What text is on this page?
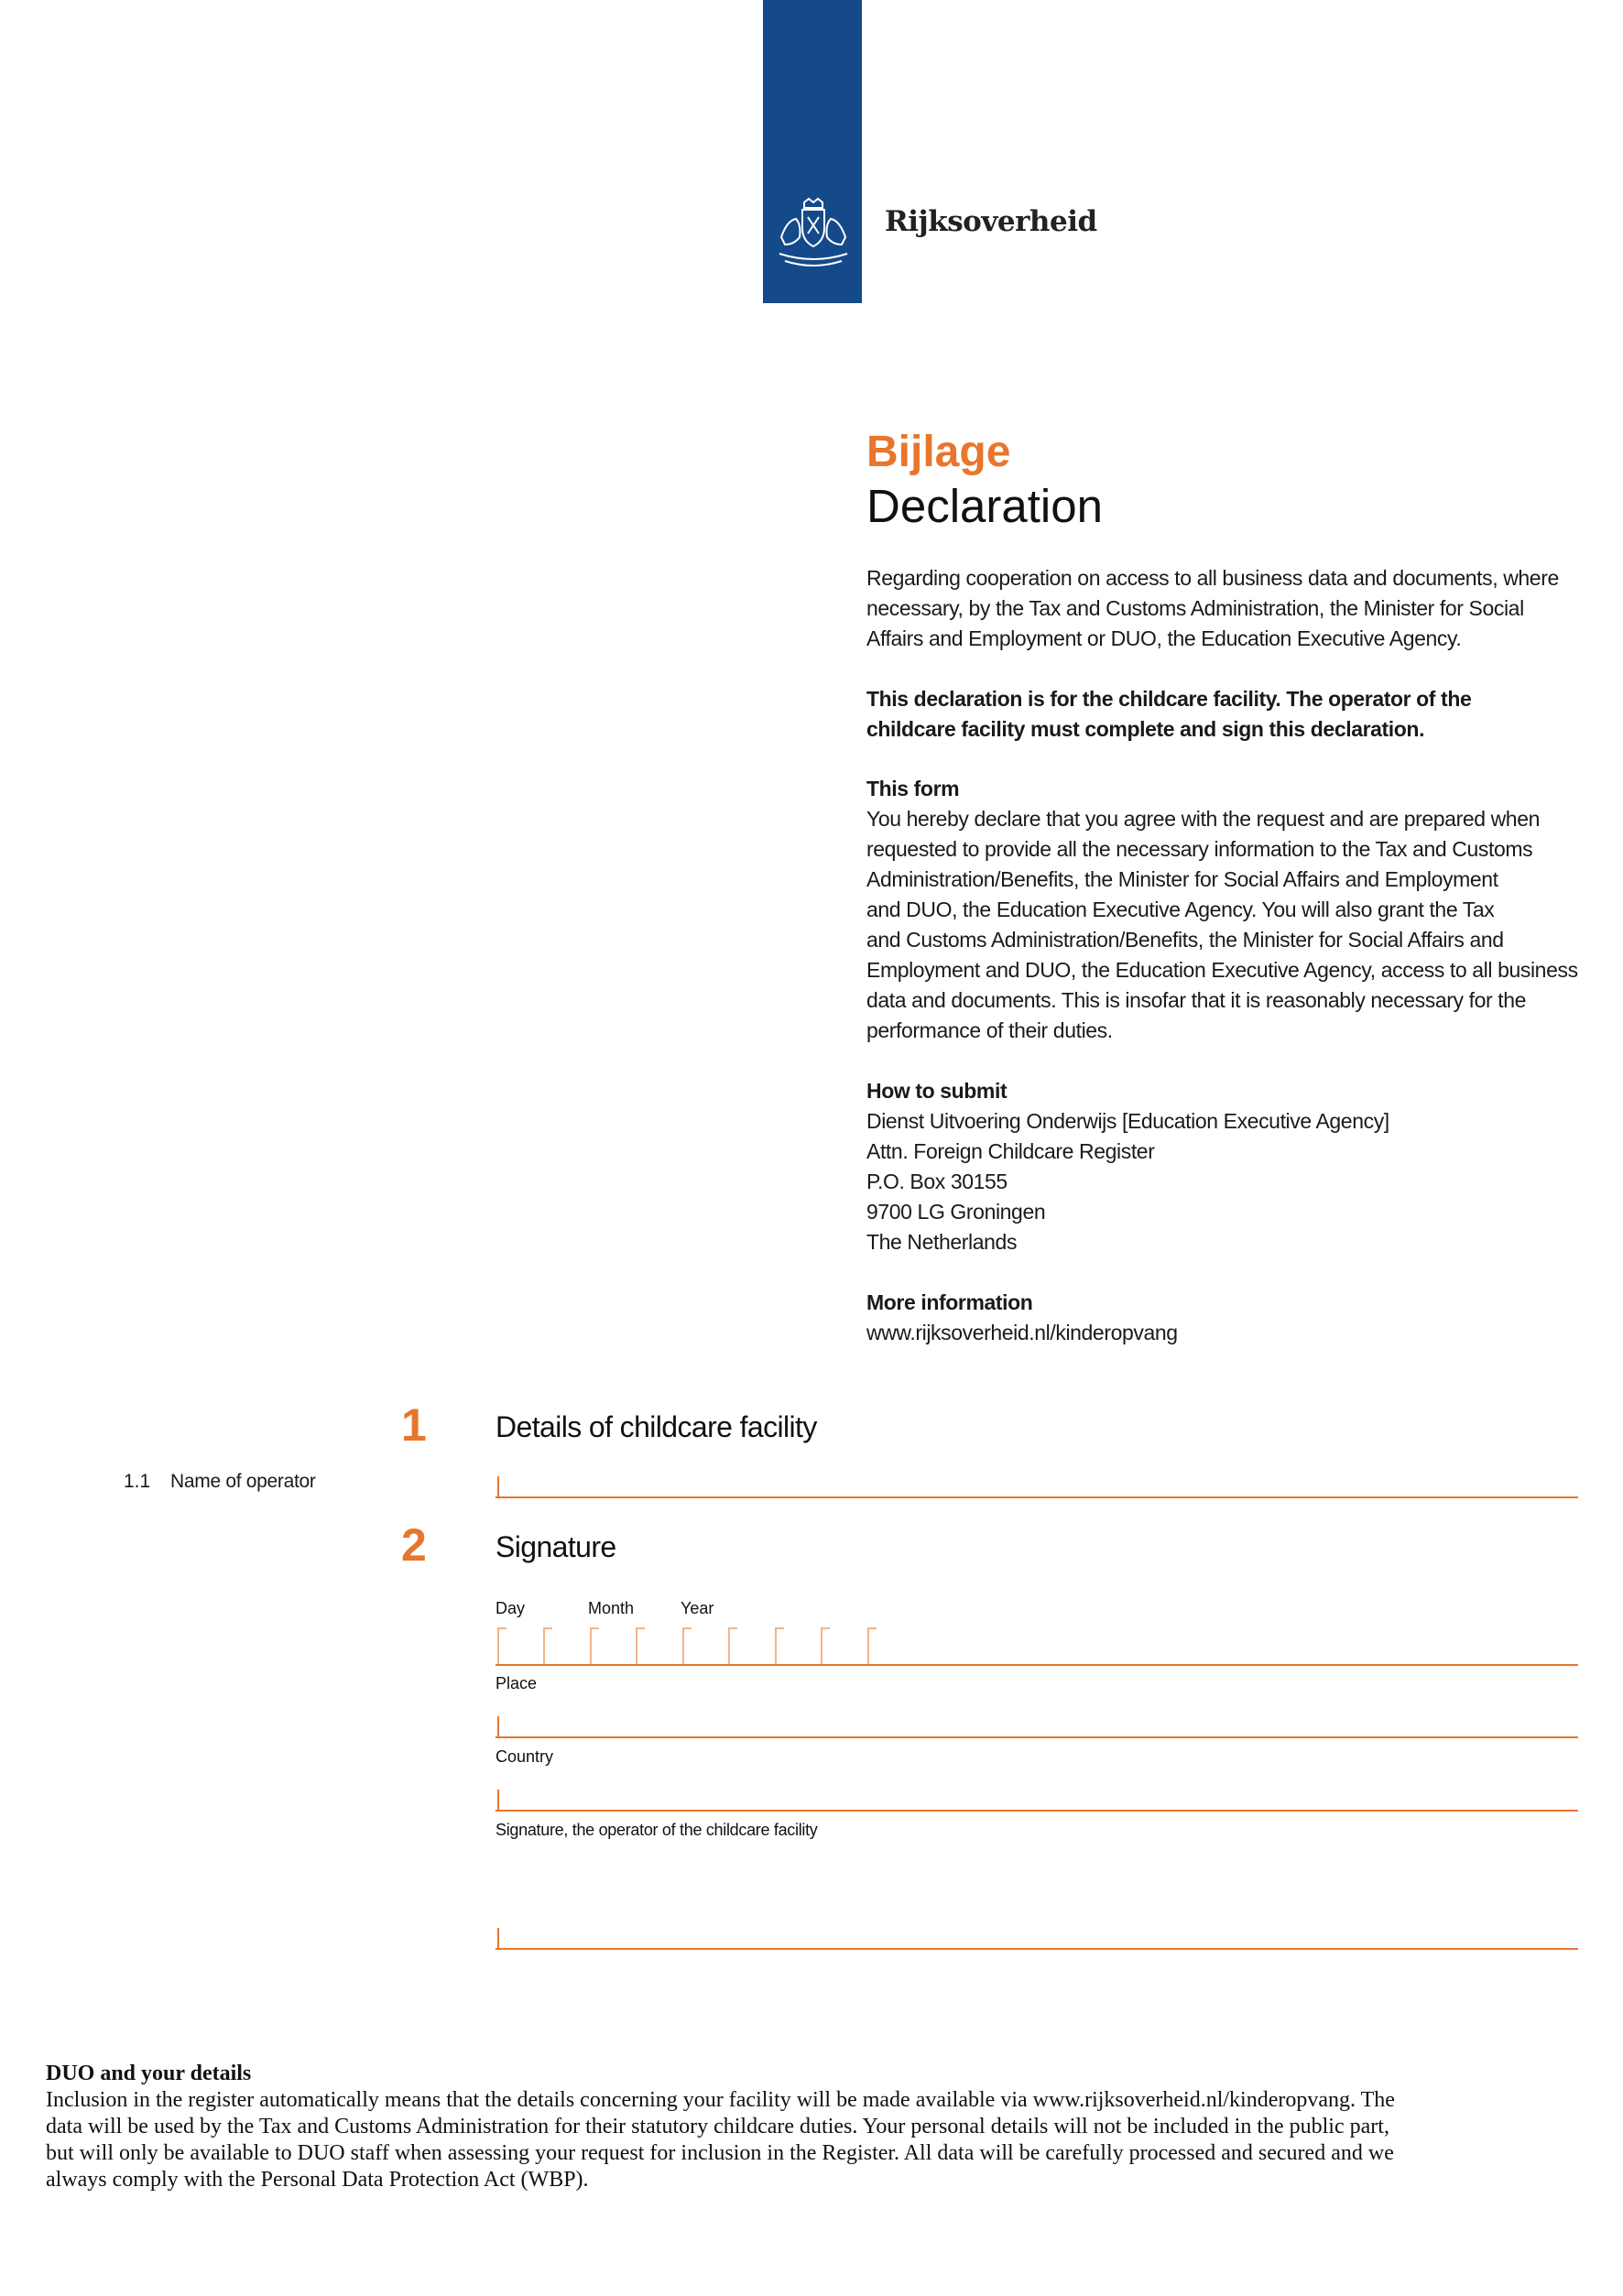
Rijksoverheid
Bijlage
Declaration
Regarding cooperation on access to all business data and documents, where
necessary, by the Tax and Customs Administration, the Minister for Social
Affairs and Employment or DUO, the Education Executive Agency.
This declaration is for the childcare facility. The operator of the
childcare facility must complete and sign this declaration.
This form
You hereby declare that you agree with the request and are prepared when
requested to provide all the necessary information to the Tax and Customs
Administration/Benefits, the Minister for Social Affairs and Employment
and DUO, the Education Executive Agency. You will also grant the Tax
and Customs Administration/Benefits, the Minister for Social Affairs and
Employment and DUO, the Education Executive Agency, access to all business
data and documents. This is insofar that it is reasonably necessary for the
performance of their duties.
How to submit
Dienst Uitvoering Onderwijs [Education Executive Agency]
Attn. Foreign Childcare Register
P.O. Box 30155
9700 LG Groningen
The Netherlands
More information
www.rijksoverheid.nl/kinderopvang
1 Details of childcare facility
1.1 Name of operator
2 Signature
Day	Month	Year
Place
Country
Signature, the operator of the childcare facility
DUO and your details
Inclusion in the register automatically means that the details concerning your facility will be made available via www.rijksoverheid.nl/kinderopvang. The
data will be used by the Tax and Customs Administration for their statutory childcare duties. Your personal details will not be included in the public part,
but will only be available to DUO staff when assessing your request for inclusion in the Register. All data will be carefully processed and secured and we
always comply with the Personal Data Protection Act (WBP).
